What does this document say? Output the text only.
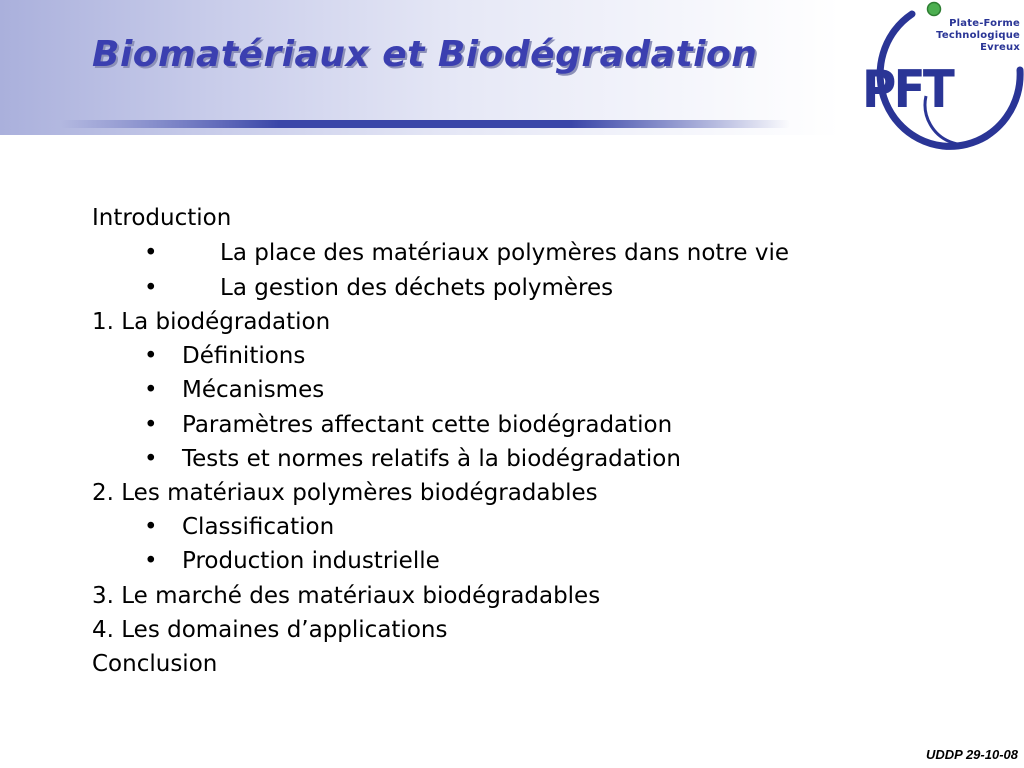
Biomatériaux et Biodégradation
Plate-Forme
Technologique
Evreux
PFT
Introduction
•	La place des matériaux polymères dans notre vie
•	La gestion des déchets polymères
1. La biodégradation
• Définitions
• Mécanismes
• Paramètres affectant cette biodégradation
• Tests et normes relatifs à la biodégradation
2. Les matériaux polymères biodégradables
• Classification
• Production industrielle
3. Le marché des matériaux biodégradables
4. Les domaines d’applications
Conclusion
UDDP 29-10-08
